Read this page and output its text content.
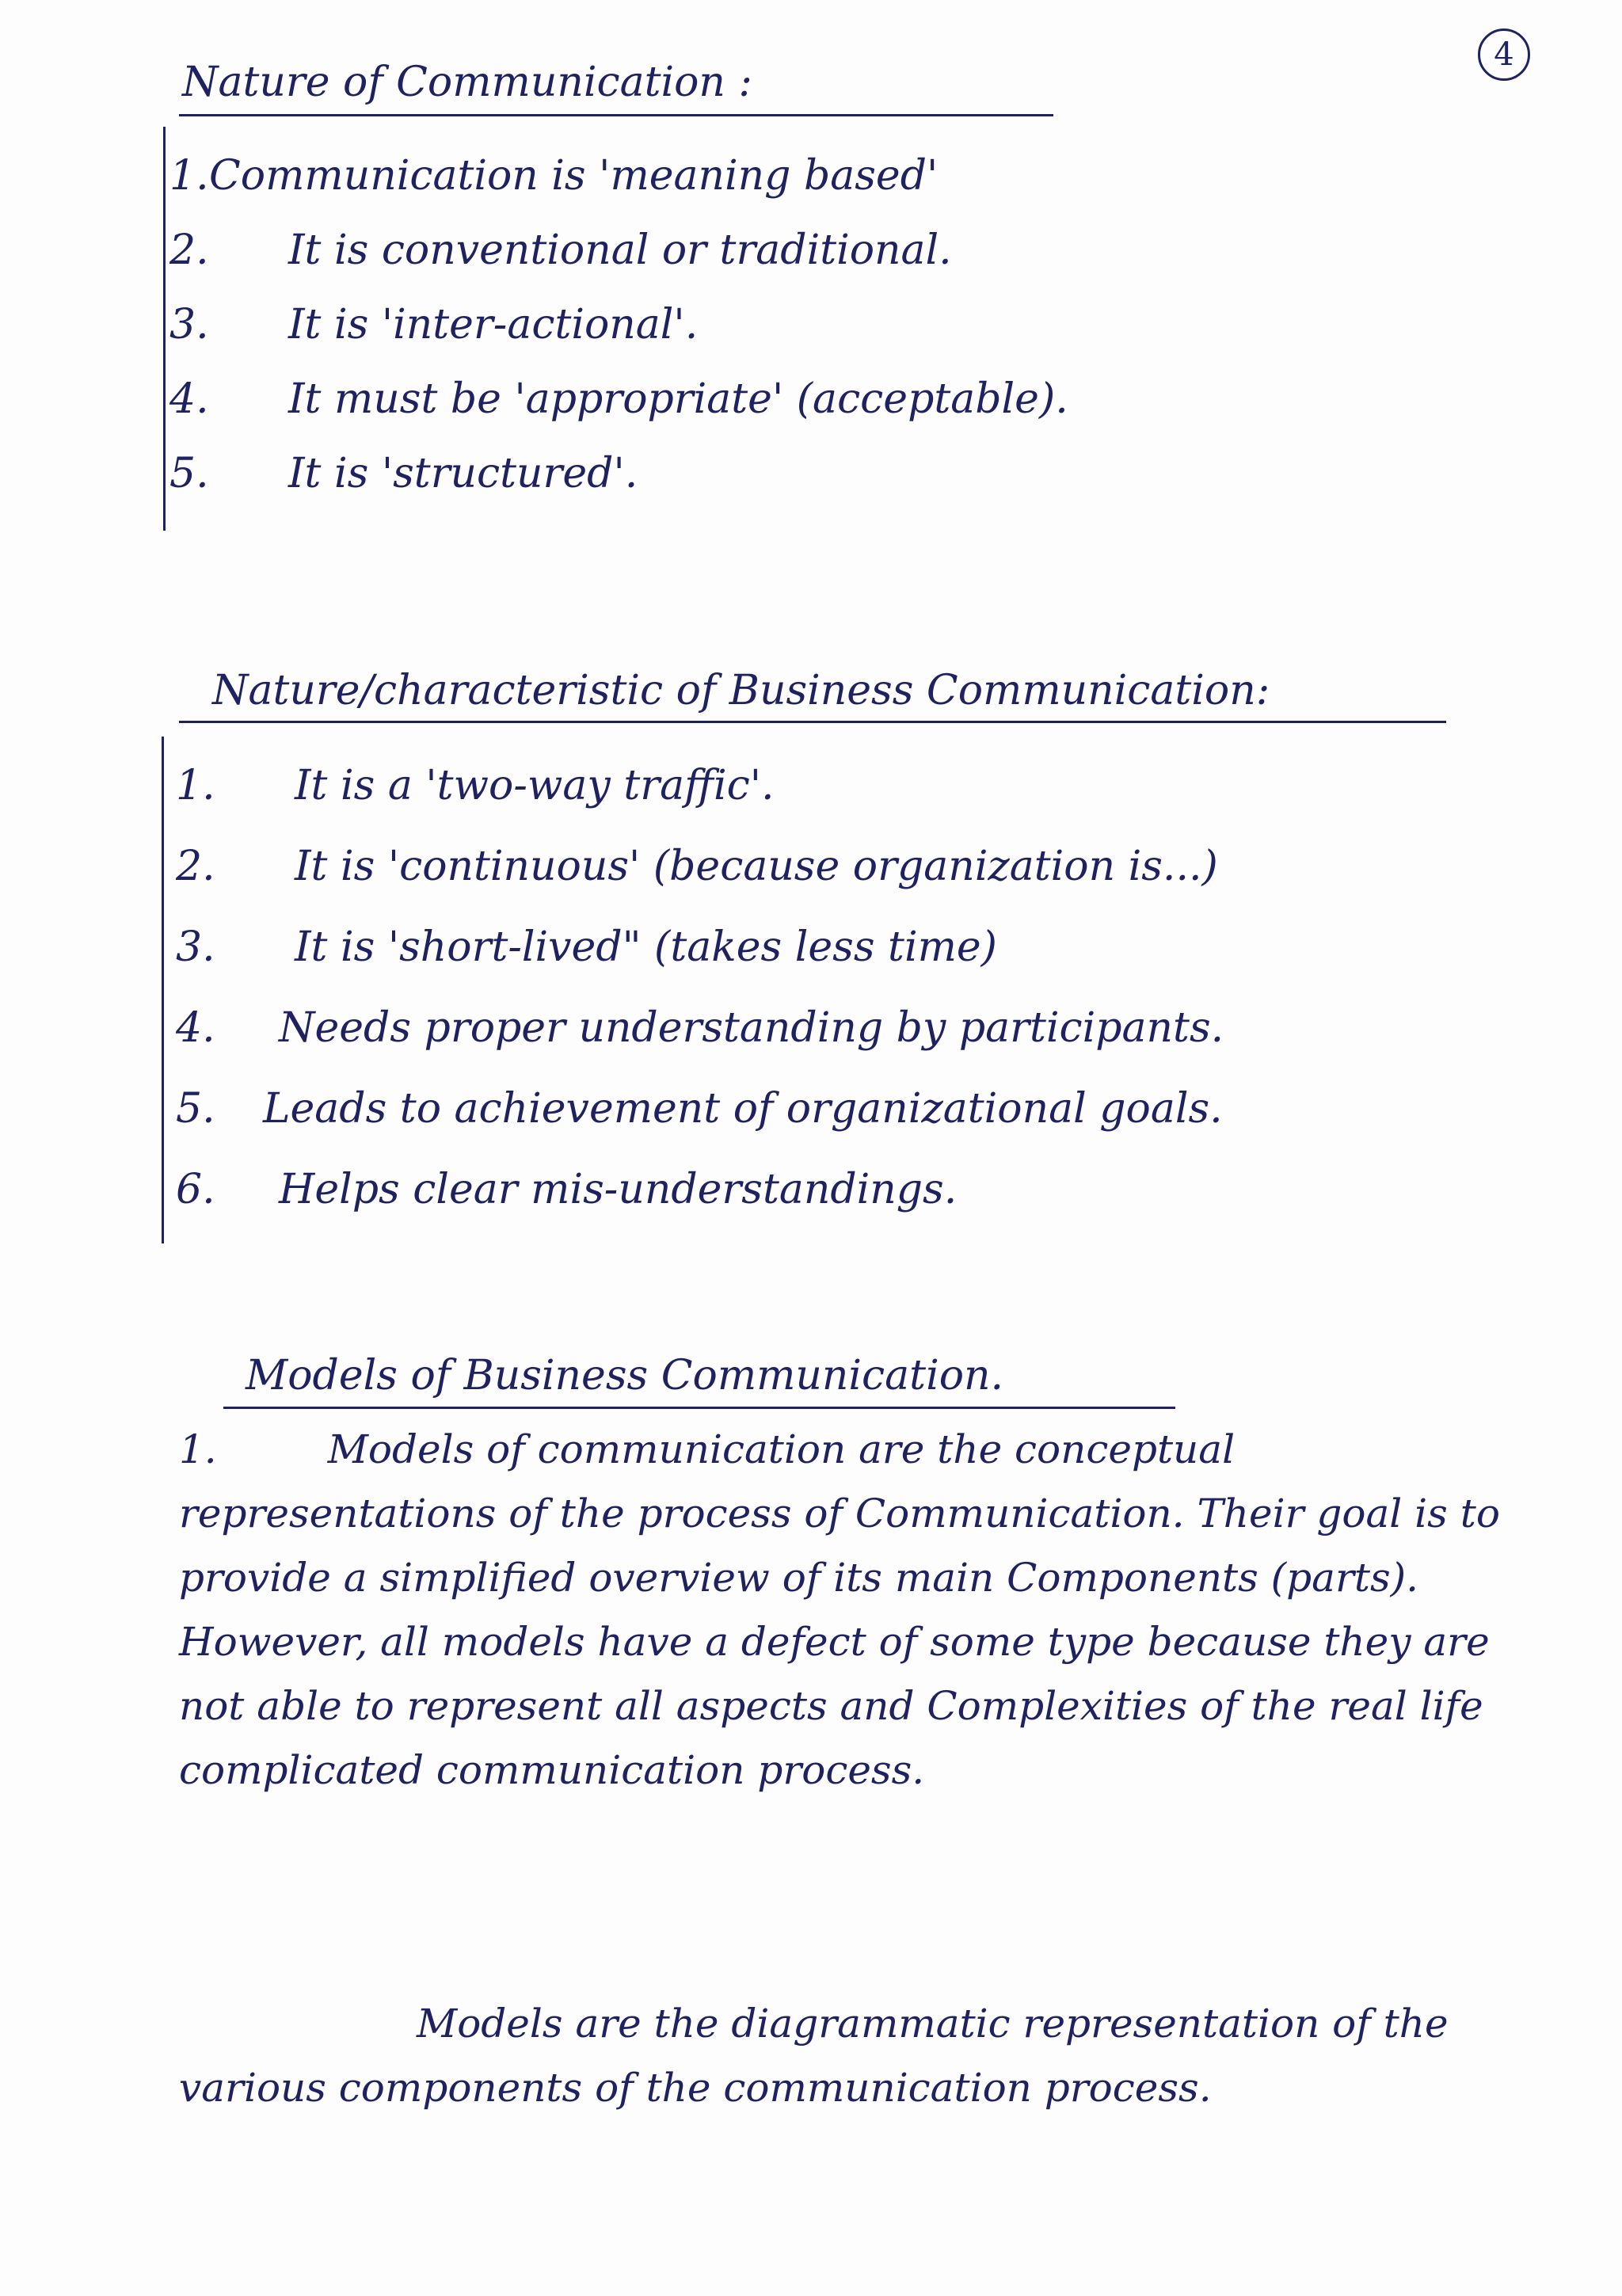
4
Nature of Communication :
1. Communication is 'meaning based'
2.	It is conventional or traditional.
3.	It is 'inter-actional'.
4.	It must be 'appropriate' (acceptable).
5.	It is 'structured'.
Nature/characteristic of Business Communication:
1.	It is a 'two-way traffic'.
2.	It is 'continuous' (because organization is...)
3.	It is 'short-lived" (takes less time)
4.	Needs proper understanding by participants.
5.	Leads to achievement of organizational goals.
6.	Helps clear mis-understandings.
Models of Business Communication.

1.	Models of communication are the conceptual representations of the process of Communication. Their goal is to provide a simplified overview of its main Components (parts). However, all models have a defect of some type because they are not able to represent all aspects and Complexities of the real life complicated communication process.

Models are the diagrammatic representation of the various components of the communication process.
